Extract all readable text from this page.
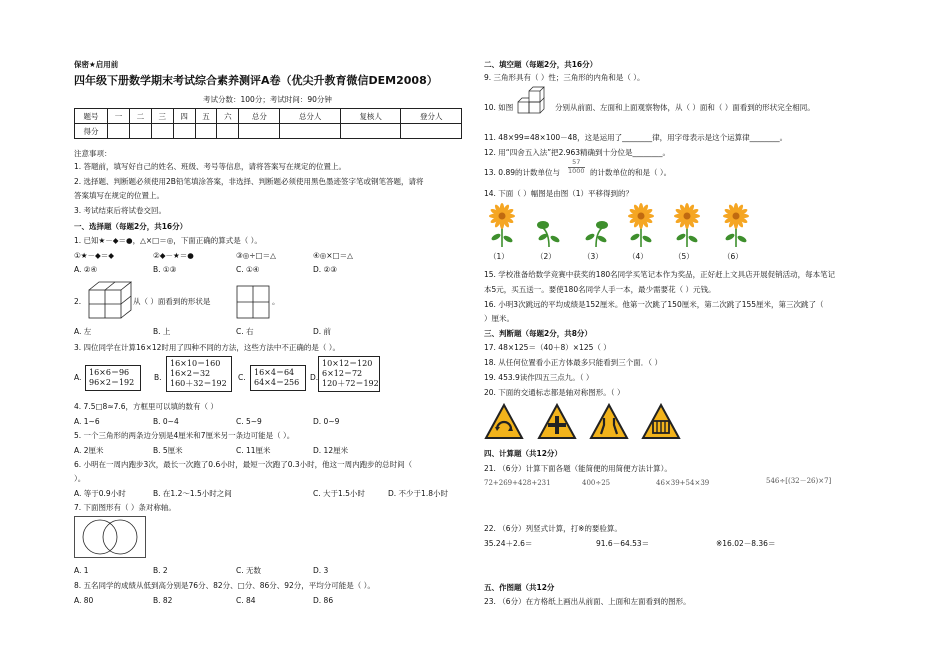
保密★启用前
四年级下册数学期末考试综合素养测评A卷（优尖升教育微信DEM2008）
考试分数：100分；考试时间：90分钟
题号	一	二	三	四	五	六	总分	总分人	复核人	登分人
得分										
注意事项：
1. 答题前，填写好自己的姓名、班级、考号等信息，请将答案写在规定的位置上。
2. 选择题、判断题必须使用2B铅笔填涂答案，非选择、判断题必须使用黑色墨迹签字笔或钢笔答题，请将
答案填写在规定的位置上。
3. 考试结束后将试卷交回。
一、选择题（每题2分，共16分）
1. 已知★－◆＝●，△×□＝◎，下面正确的算式是（ ）。
①★－◆＝◆	②◆－★＝●	③◎÷□＝△	④◎×□＝△
A. ②④	B. ①③	C. ①④	D. ②③
2.	从（ ）面看到的形状是	。
A. 左	B. 上	C. 右	D. 前
3. 四位同学在计算16×12时用了四种不同的方法，这些方法中不正确的是（ ）。
A.
16×6＝96
96×2＝192
B.
16×10＝160
16×2＝32
160＋32＝192
C.
16×4＝64
64×4＝256
D.
10×12＝120
6×12＝72
120＋72＝192
4. 7.5□8≈7.6，方框里可以填的数有（ ）
A. 1~6	B. 0~4	C. 5~9	D. 0~9
5. 一个三角形的两条边分别是4厘米和7厘米另一条边可能是（ ）。
A. 2厘米	B. 5厘米	C. 11厘米	D. 12厘米
6. 小明在一周内跑步3次，最长一次跑了0.6小时，最短一次跑了0.3小时，他这一周内跑步的总时间（
）。
A. 等于0.9小时	B. 在1.2～1.5小时之间	C. 大于1.5小时	D. 不少于1.8小时
7. 下面图形有（ ）条对称轴。
A. 1	B. 2	C. 无数	D. 3
8. 五名同学的成绩从低到高分别是76分、82分、□分、86分、92分，平均分可能是（ ）。
A. 80	B. 82	C. 84	D. 86
二、填空题（每题2分，共16分）
9. 三角形具有（ ）性；三角形的内角和是（ ）。
10. 如图	分别从前面、左面和上面观察物体，从（ ）面和（ ）面看到的形状完全相同。
11. 48×99=48×100－48，这是运用了________律，用字母表示是这个运算律________。
12. 用“四舍五入法”把2.963精确到十分位是________。
13. 0.89的计数单位与 $\frac{57}{1000}$ 的计数单位的和是（ ）。
14. 下面（ ）幅图是由图（1）平移得到的？
（1）	（2）	（3）	（4）	（5）	（6）
15. 学校准备给数学竞赛中获奖的180名同学买笔记本作为奖品，正好赶上文具店开展促销活动，每本笔记
本5元，买五送一。要使180名同学人手一本，最少需要花（ ）元钱。
16. 小明3次跳远的平均成绩是152厘米。他第一次跳了150厘米，第二次跳了155厘米，第三次跳了（
）厘米。
三、判断题（每题2分，共8分）
17. 48×125＝（40＋8）×125（ ）
18. 从任何位置看小正方体最多只能看到三个面．（ ）
19. 453.9读作四五三点九。（ ）
20. 下面的交通标志都是轴对称图形。（ ）
四、计算题（共12分）
21. （6分）计算下面各题（能简便的用简便方法计算）。
72+269+428+231	400÷25	46×39+54×39	546÷[(32－26)×7]
22. （6分）列竖式计算，打※的要验算。
35.24＋2.6＝	91.6－64.53＝	※16.02－8.36＝
五、作图题（共12分
23. （6分）在方格纸上画出从前面、上面和左面看到的图形。
